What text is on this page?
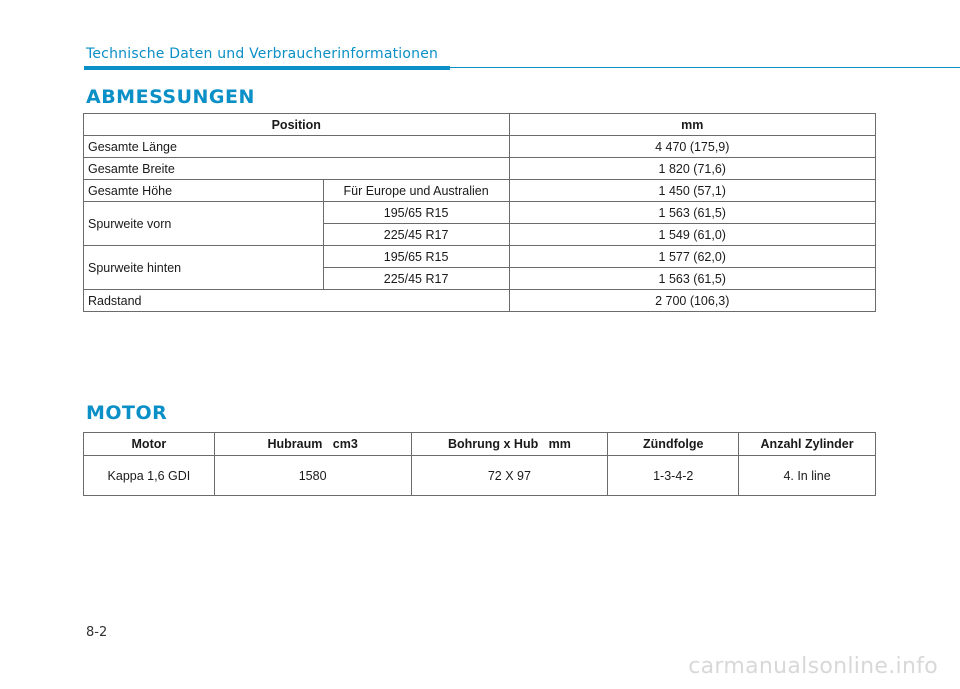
Technische Daten und Verbraucherinformationen
ABMESSUNGEN
Position		mm
Gesamte Länge		4 470 (175,9)
Gesamte Breite		1 820 (71,6)
Gesamte Höhe	Für Europe und Australien	1 450 (57,1)
Spurweite vorn	195/65 R15	1 563 (61,5)
	225/45 R17	1 549 (61,0)
Spurweite hinten	195/65 R15	1 577 (62,0)
	225/45 R17	1 563 (61,5)
Radstand		2 700 (106,3)
MOTOR
Motor	Hubraum   cm3	Bohrung x Hub   mm	Zündfolge	Anzahl Zylinder
Kappa 1,6 GDI	1580	72 X 97	1-3-4-2	4. In line
8-2
carmanualsonline.info
